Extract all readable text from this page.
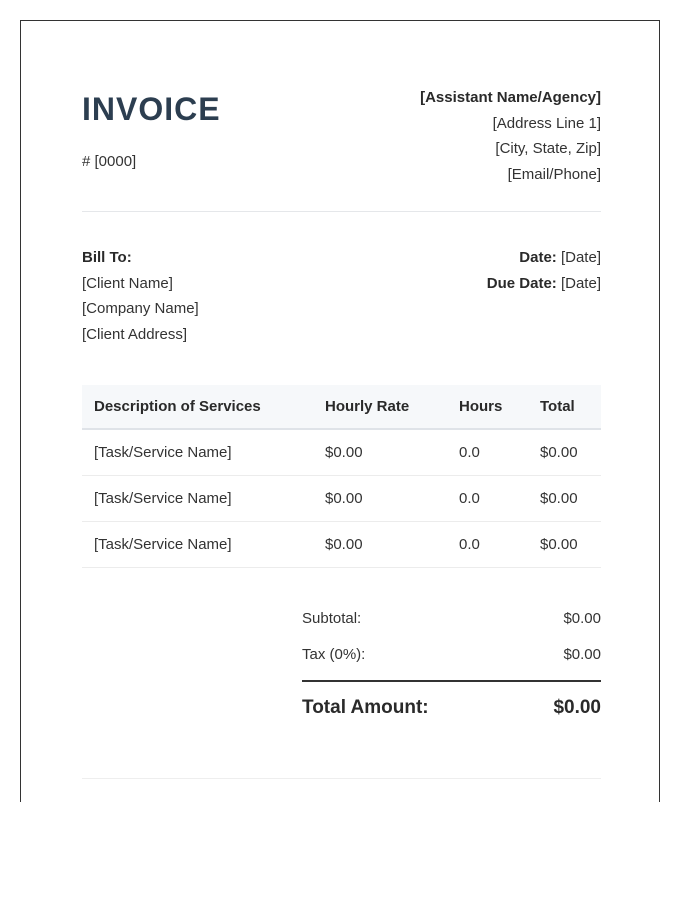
INVOICE
# [0000]
[Assistant Name/Agency]
[Address Line 1]
[City, State, Zip]
[Email/Phone]
Bill To:
[Client Name]
[Company Name]
[Client Address]
Date: [Date]
Due Date: [Date]
Description of Services	Hourly Rate	Hours	Total
[Task/Service Name]	$0.00	0.0	$0.00
[Task/Service Name]	$0.00	0.0	$0.00
[Task/Service Name]	$0.00	0.0	$0.00
Subtotal:	$0.00
Tax (0%):	$0.00
Total Amount:	$0.00
